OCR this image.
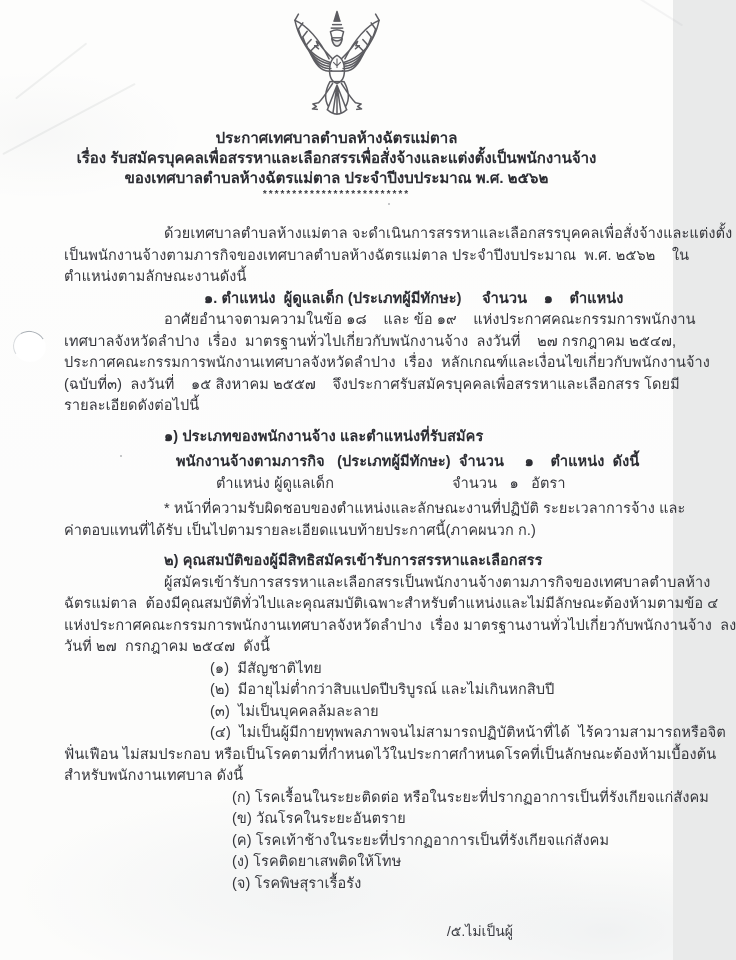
ประกาศเทศบาลตำบลห้างฉัตรแม่ตาล
เรื่อง รับสมัครบุคคลเพื่อสรรหาและเลือกสรรเพื่อสั่งจ้างและแต่งตั้งเป็นพนักงานจ้าง
ของเทศบาลตำบลห้างฉัตรแม่ตาล ประจำปีงบประมาณ พ.ศ. ๒๕๖๒
*************************
ด้วยเทศบาลตำบลห้างแม่ตาล จะดำเนินการสรรหาและเลือกสรรบุคคลเพื่อสั่งจ้างและแต่งตั้ง
เป็นพนักงานจ้างตามภารกิจของเทศบาลตำบลห้างฉัตรแม่ตาล ประจำปีงบประมาณ  พ.ศ. ๒๕๖๒    ใน
ตำแหน่งตามลักษณะงานดังนี้
๑. ตำแหน่ง  ผู้ดูแลเด็ก (ประเภทผู้มีทักษะ)     จำนวน    ๑    ตำแหน่ง
อาศัยอำนาจตามความในข้อ ๑๘    และ ข้อ ๑๙    แห่งประกาศคณะกรรมการพนักงาน
เทศบาลจังหวัดลำปาง  เรื่อง  มาตรฐานทั่วไปเกี่ยวกับพนักงานจ้าง  ลงวันที่    ๒๗ กรกฎาคม ๒๕๔๗,
ประกาศคณะกรรมการพนักงานเทศบาลจังหวัดลำปาง  เรื่อง  หลักเกณฑ์และเงื่อนไขเกี่ยวกับพนักงานจ้าง
(ฉบับที่๓)  ลงวันที่    ๑๕ สิงหาคม ๒๕๕๗    จึงประกาศรับสมัครบุคคลเพื่อสรรหาและเลือกสรร โดยมี
รายละเอียดดังต่อไปนี้
๑) ประเภทของพนักงานจ้าง และตำแหน่งที่รับสมัคร
พนักงานจ้างตามภารกิจ   (ประเภทผู้มีทักษะ)  จำนวน     ๑    ตำแหน่ง  ดังนี้
ตำแหน่ง ผู้ดูแลเด็ก	จำนวน   ๑   อัตรา
* หน้าที่ความรับผิดชอบของตำแหน่งและลักษณะงานที่ปฏิบัติ ระยะเวลาการจ้าง และ
ค่าตอบแทนที่ได้รับ เป็นไปตามรายละเอียดแนบท้ายประกาศนี้(ภาคผนวก ก.)
๒) คุณสมบัติของผู้มีสิทธิสมัครเข้ารับการสรรหาและเลือกสรร
ผู้สมัครเข้ารับการสรรหาและเลือกสรรเป็นพนักงานจ้างตามภารกิจของเทศบาลตำบลห้าง
ฉัตรแม่ตาล  ต้องมีคุณสมบัติทั่วไปและคุณสมบัติเฉพาะสำหรับตำแหน่งและไม่มีลักษณะต้องห้ามตามข้อ ๔
แห่งประกาศคณะกรรมการพนักงานเทศบาลจังหวัดลำปาง  เรื่อง มาตรฐานงานทั่วไปเกี่ยวกับพนักงานจ้าง  ลง
วันที่ ๒๗  กรกฎาคม ๒๕๔๗  ดังนี้
(๑)  มีสัญชาติไทย
(๒)  มีอายุไม่ต่ำกว่าสิบแปดปีบริบูรณ์ และไม่เกินหกสิบปี
(๓)  ไม่เป็นบุคคลล้มละลาย
(๔)  ไม่เป็นผู้มีกายทุพพลภาพจนไม่สามารถปฏิบัติหน้าที่ได้  ไร้ความสามารถหรือจิต
ฟั่นเฟือน ไม่สมประกอบ หรือเป็นโรคตามที่กำหนดไว้ในประกาศกำหนดโรคที่เป็นลักษณะต้องห้ามเบื้องต้น
สำหรับพนักงานเทศบาล ดังนี้
(ก) โรคเรื้อนในระยะติดต่อ หรือในระยะที่ปรากฏอาการเป็นที่รังเกียจแก่สังคม
(ข) วัณโรคในระยะอันตราย
(ค) โรคเท้าช้างในระยะที่ปรากฏอาการเป็นที่รังเกียจแก่สังคม
(ง) โรคติดยาเสพติดให้โทษ
(จ) โรคพิษสุราเรื้อรัง
/๕.ไม่เป็นผู้
